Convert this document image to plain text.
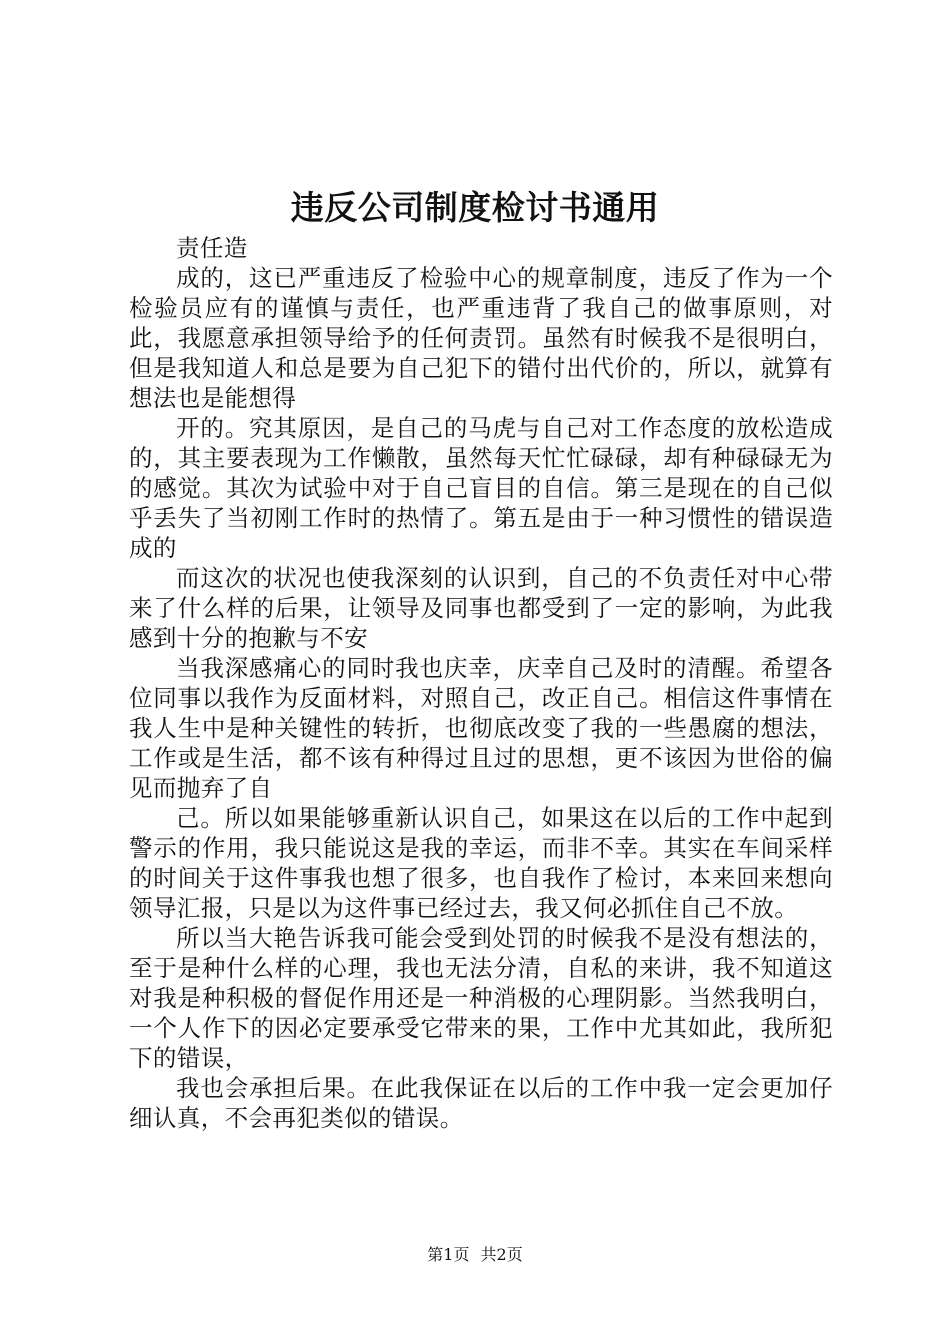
违反公司制度检讨书通用

责任造

成的，这已严重违反了检验中心的规章制度，违反了作为一个检验员应有的谨慎与责任，也严重违背了我自己的做事原则，对此，我愿意承担领导给予的任何责罚。虽然有时候我不是很明白，但是我知道人和总是要为自己犯下的错付出代价的，所以，就算有想法也是能想得

开的。究其原因，是自己的马虎与自己对工作态度的放松造成的，其主要表现为工作懒散，虽然每天忙忙碌碌，却有种碌碌无为的感觉。其次为试验中对于自己盲目的自信。第三是现在的自己似乎丢失了当初刚工作时的热情了。第五是由于一种习惯性的错误造成的

而这次的状况也使我深刻的认识到，自己的不负责任对中心带来了什么样的后果，让领导及同事也都受到了一定的影响，为此我感到十分的抱歉与不安

当我深感痛心的同时我也庆幸，庆幸自己及时的清醒。希望各位同事以我作为反面材料，对照自己，改正自己。相信这件事情在我人生中是种关键性的转折，也彻底改变了我的一些愚腐的想法，工作或是生活，都不该有种得过且过的思想，更不该因为世俗的偏见而抛弃了自

己。所以如果能够重新认识自己，如果这在以后的工作中起到警示的作用，我只能说这是我的幸运，而非不幸。其实在车间采样的时间关于这件事我也想了很多，也自我作了检讨，本来回来想向领导汇报，只是以为这件事已经过去，我又何必抓住自己不放。

所以当大艳告诉我可能会受到处罚的时候我不是没有想法的，至于是种什么样的心理，我也无法分清，自私的来讲，我不知道这对我是种积极的督促作用还是一种消极的心理阴影。当然我明白，一个人作下的因必定要承受它带来的果，工作中尤其如此，我所犯下的错误，

我也会承担后果。在此我保证在以后的工作中我一定会更加仔细认真，不会再犯类似的错误。

第1页 共2页
